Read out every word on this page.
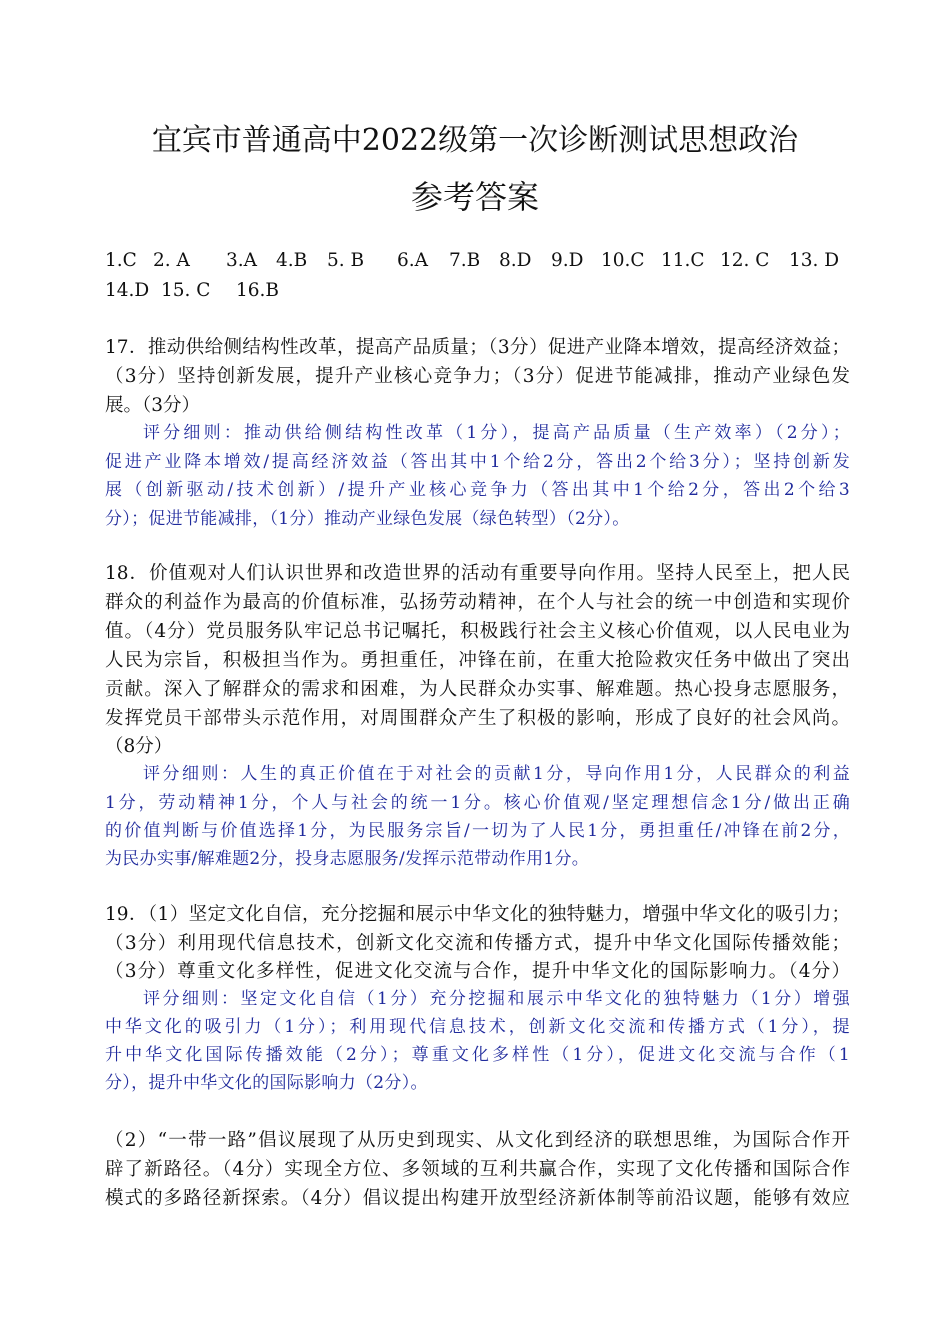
宜宾市普通高中2022级第一次诊断测试思想政治
参考答案
1.C 2. A 3.A 4.B 5. B 6.A 7.B 8.D 9.D 10.C 11.C 12. C 13. D
14.D 15. C 16.B
17．推动供给侧结构性改革，提高产品质量；（3分）促进产业降本增效，提高经济效益；
（3分）坚持创新发展，提升产业核心竞争力；（3分）促进节能减排，推动产业绿色发
展。（3分）
评分细则：推动供给侧结构性改革（1分），提高产品质量（生产效率）（2分）；
促进产业降本增效/提高经济效益（答出其中1个给2分，答出2个给3分）；坚持创新发
展（创新驱动/技术创新）/提升产业核心竞争力（答出其中1个给2分，答出2个给3
分）；促进节能减排，（1分）推动产业绿色发展（绿色转型）（2分）。
18．价值观对人们认识世界和改造世界的活动有重要导向作用。坚持人民至上，把人民
群众的利益作为最高的价值标准，弘扬劳动精神，在个人与社会的统一中创造和实现价
值。（4分）党员服务队牢记总书记嘱托，积极践行社会主义核心价值观，以人民电业为
人民为宗旨，积极担当作为。勇担重任，冲锋在前，在重大抢险救灾任务中做出了突出
贡献。深入了解群众的需求和困难，为人民群众办实事、解难题。热心投身志愿服务，
发挥党员干部带头示范作用，对周围群众产生了积极的影响，形成了良好的社会风尚。
（8分）
评分细则：人生的真正价值在于对社会的贡献1分，导向作用1分，人民群众的利益
1分，劳动精神1分，个人与社会的统一1分。核心价值观/坚定理想信念1分/做出正确
的价值判断与价值选择1分，为民服务宗旨/一切为了人民1分，勇担重任/冲锋在前2分，
为民办实事/解难题2分，投身志愿服务/发挥示范带动作用1分。
19．（1）坚定文化自信，充分挖掘和展示中华文化的独特魅力，增强中华文化的吸引力；
（3分）利用现代信息技术，创新文化交流和传播方式，提升中华文化国际传播效能；
（3分）尊重文化多样性，促进文化交流与合作，提升中华文化的国际影响力。（4分）
评分细则：坚定文化自信（1分）充分挖掘和展示中华文化的独特魅力（1分）增强
中华文化的吸引力（1分）；利用现代信息技术，创新文化交流和传播方式（1分），提
升中华文化国际传播效能（2分）；尊重文化多样性（1分），促进文化交流与合作（1
分），提升中华文化的国际影响力（2分）。
（2）“一带一路”倡议展现了从历史到现实、从文化到经济的联想思维，为国际合作开
辟了新路径。（4分）实现全方位、多领域的互利共赢合作，实现了文化传播和国际合作
模式的多路径新探索。（4分）倡议提出构建开放型经济新体制等前沿议题，能够有效应
